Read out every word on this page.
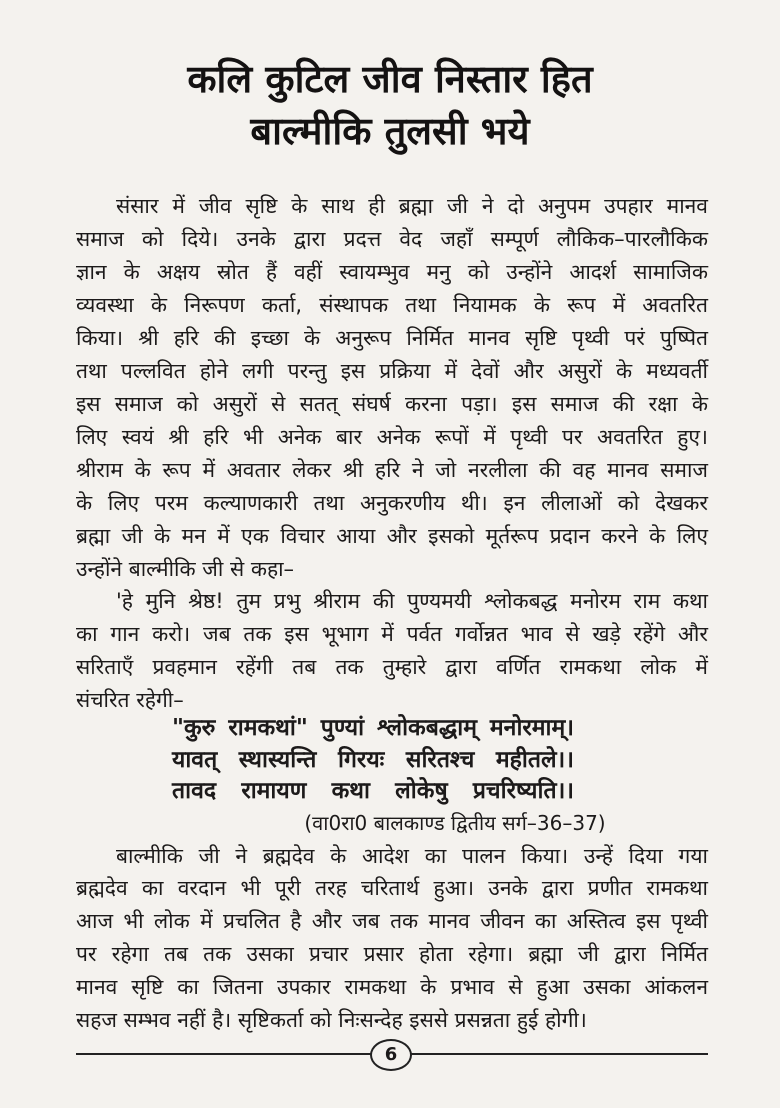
कलि कुटिल जीव निस्तार हित
बाल्मीकि तुलसी भये
संसार में जीव सृष्टि के साथ ही ब्रह्मा जी ने दो अनुपम उपहार मानव
समाज को दिये। उनके द्वारा प्रदत्त वेद जहाँ सम्पूर्ण लौकिक–पारलौकिक
ज्ञान के अक्षय स्रोत हैं वहीं स्वायम्भुव मनु को उन्होंने आदर्श सामाजिक
व्यवस्था के निरूपण कर्ता, संस्थापक तथा नियामक के रूप में अवतरित
किया। श्री हरि की इच्छा के अनुरूप निर्मित मानव सृष्टि पृथ्वी परं पुष्पित
तथा पल्लवित होने लगी परन्तु इस प्रक्रिया में देवों और असुरों के मध्यवर्ती
इस समाज को असुरों से सतत् संघर्ष करना पड़ा। इस समाज की रक्षा के
लिए स्वयं श्री हरि भी अनेक बार अनेक रूपों में पृथ्वी पर अवतरित हुए।
श्रीराम के रूप में अवतार लेकर श्री हरि ने जो नरलीला की वह मानव समाज
के लिए परम कल्याणकारी तथा अनुकरणीय थी। इन लीलाओं को देखकर
ब्रह्मा जी के मन में एक विचार आया और इसको मूर्तरूप प्रदान करने के लिए
उन्होंने बाल्मीकि जी से कहा–
'हे मुनि श्रेष्ठ! तुम प्रभु श्रीराम की पुण्यमयी श्लोकबद्ध मनोरम राम कथा
का गान करो। जब तक इस भूभाग में पर्वत गर्वोन्नत भाव से खड़े रहेंगे और
सरिताएँ प्रवहमान रहेंगी तब तक तुम्हारे द्वारा वर्णित रामकथा लोक में
संचरित रहेगी–
"कुरु रामकथां" पुण्यां श्लोकबद्धाम् मनोरमाम्।
यावत् स्थास्यन्ति गिरयः सरितश्च महीतले।।
तावद रामायण कथा लोकेषु प्रचरिष्यति।।
(वा0रा0 बालकाण्ड द्वितीय सर्ग–36–37)
बाल्मीकि जी ने ब्रह्मदेव के आदेश का पालन किया। उन्हें दिया गया
ब्रह्मदेव का वरदान भी पूरी तरह चरितार्थ हुआ। उनके द्वारा प्रणीत रामकथा
आज भी लोक में प्रचलित है और जब तक मानव जीवन का अस्तित्व इस पृथ्वी
पर रहेगा तब तक उसका प्रचार प्रसार होता रहेगा। ब्रह्मा जी द्वारा निर्मित
मानव सृष्टि का जितना उपकार रामकथा के प्रभाव से हुआ उसका आंकलन
सहज सम्भव नहीं है। सृष्टिकर्ता को निःसन्देह इससे प्रसन्नता हुई होगी।
6
